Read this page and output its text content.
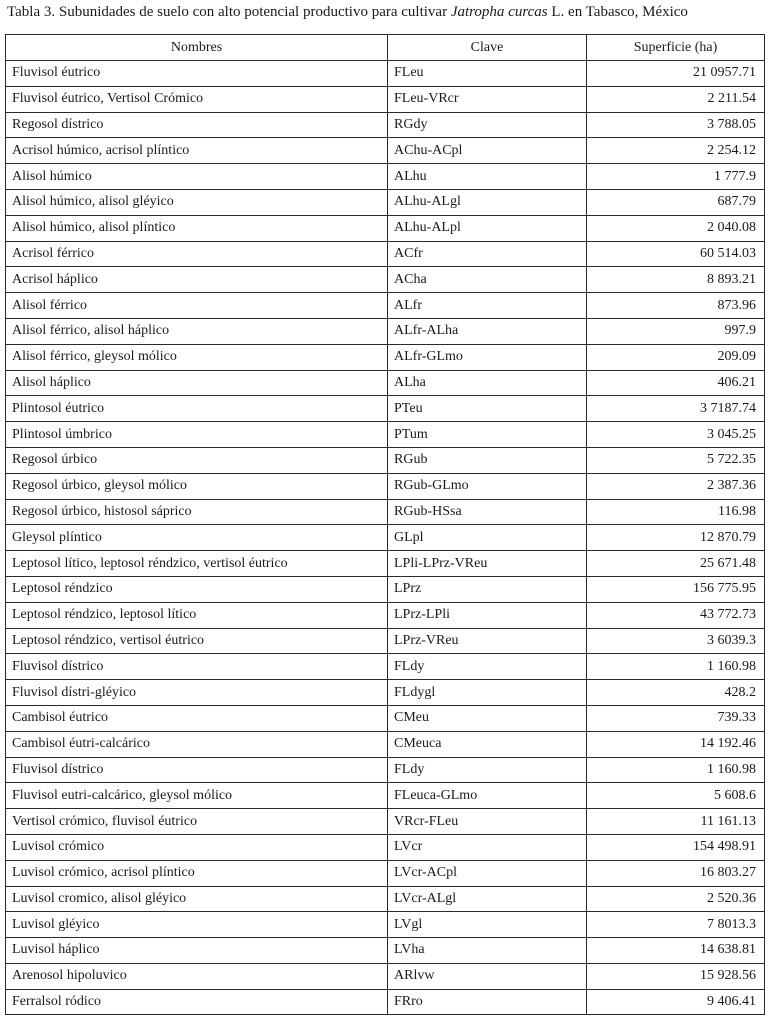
Tabla 3. Subunidades de suelo con alto potencial productivo para cultivar Jatropha curcas L. en Tabasco, México
Nombres	Clave	Superficie (ha)
Fluvisol éutrico	FLeu	21 0957.71
Fluvisol éutrico, Vertisol Crómico	FLeu-VRcr	2 211.54
Regosol dístrico	RGdy	3 788.05
Acrisol húmico, acrisol plíntico	AChu-ACpl	2 254.12
Alisol húmico	ALhu	1 777.9
Alisol húmico, alisol gléyico	ALhu-ALgl	687.79
Alisol húmico, alisol plíntico	ALhu-ALpl	2 040.08
Acrisol férrico	ACfr	60 514.03
Acrisol háplico	ACha	8 893.21
Alisol férrico	ALfr	873.96
Alisol férrico, alisol háplico	ALfr-ALha	997.9
Alisol férrico, gleysol mólico	ALfr-GLmo	209.09
Alisol háplico	ALha	406.21
Plintosol éutrico	PTeu	3 7187.74
Plintosol úmbrico	PTum	3 045.25
Regosol úrbico	RGub	5 722.35
Regosol úrbico, gleysol mólico	RGub-GLmo	2 387.36
Regosol úrbico, histosol sáprico	RGub-HSsa	116.98
Gleysol plíntico	GLpl	12 870.79
Leptosol lítico, leptosol réndzico, vertisol éutrico	LPli-LPrz-VReu	25 671.48
Leptosol réndzico	LPrz	156 775.95
Leptosol réndzico, leptosol lítico	LPrz-LPli	43 772.73
Leptosol réndzico, vertisol éutrico	LPrz-VReu	3 6039.3
Fluvisol dístrico	FLdy	1 160.98
Fluvisol dístri-gléyico	FLdygl	428.2
Cambisol éutrico	CMeu	739.33
Cambisol éutri-calcárico	CMeuca	14 192.46
Fluvisol dístrico	FLdy	1 160.98
Fluvisol eutri-calcárico, gleysol mólico	FLeuca-GLmo	5 608.6
Vertisol crómico, fluvisol éutrico	VRcr-FLeu	11 161.13
Luvisol crómico	LVcr	154 498.91
Luvisol crómico, acrisol plíntico	LVcr-ACpl	16 803.27
Luvisol cromico, alisol gléyico	LVcr-ALgl	2 520.36
Luvisol gléyico	LVgl	7 8013.3
Luvisol háplico	LVha	14 638.81
Arenosol hipoluvico	ARlvw	15 928.56
Ferralsol ródico	FRro	9 406.41
